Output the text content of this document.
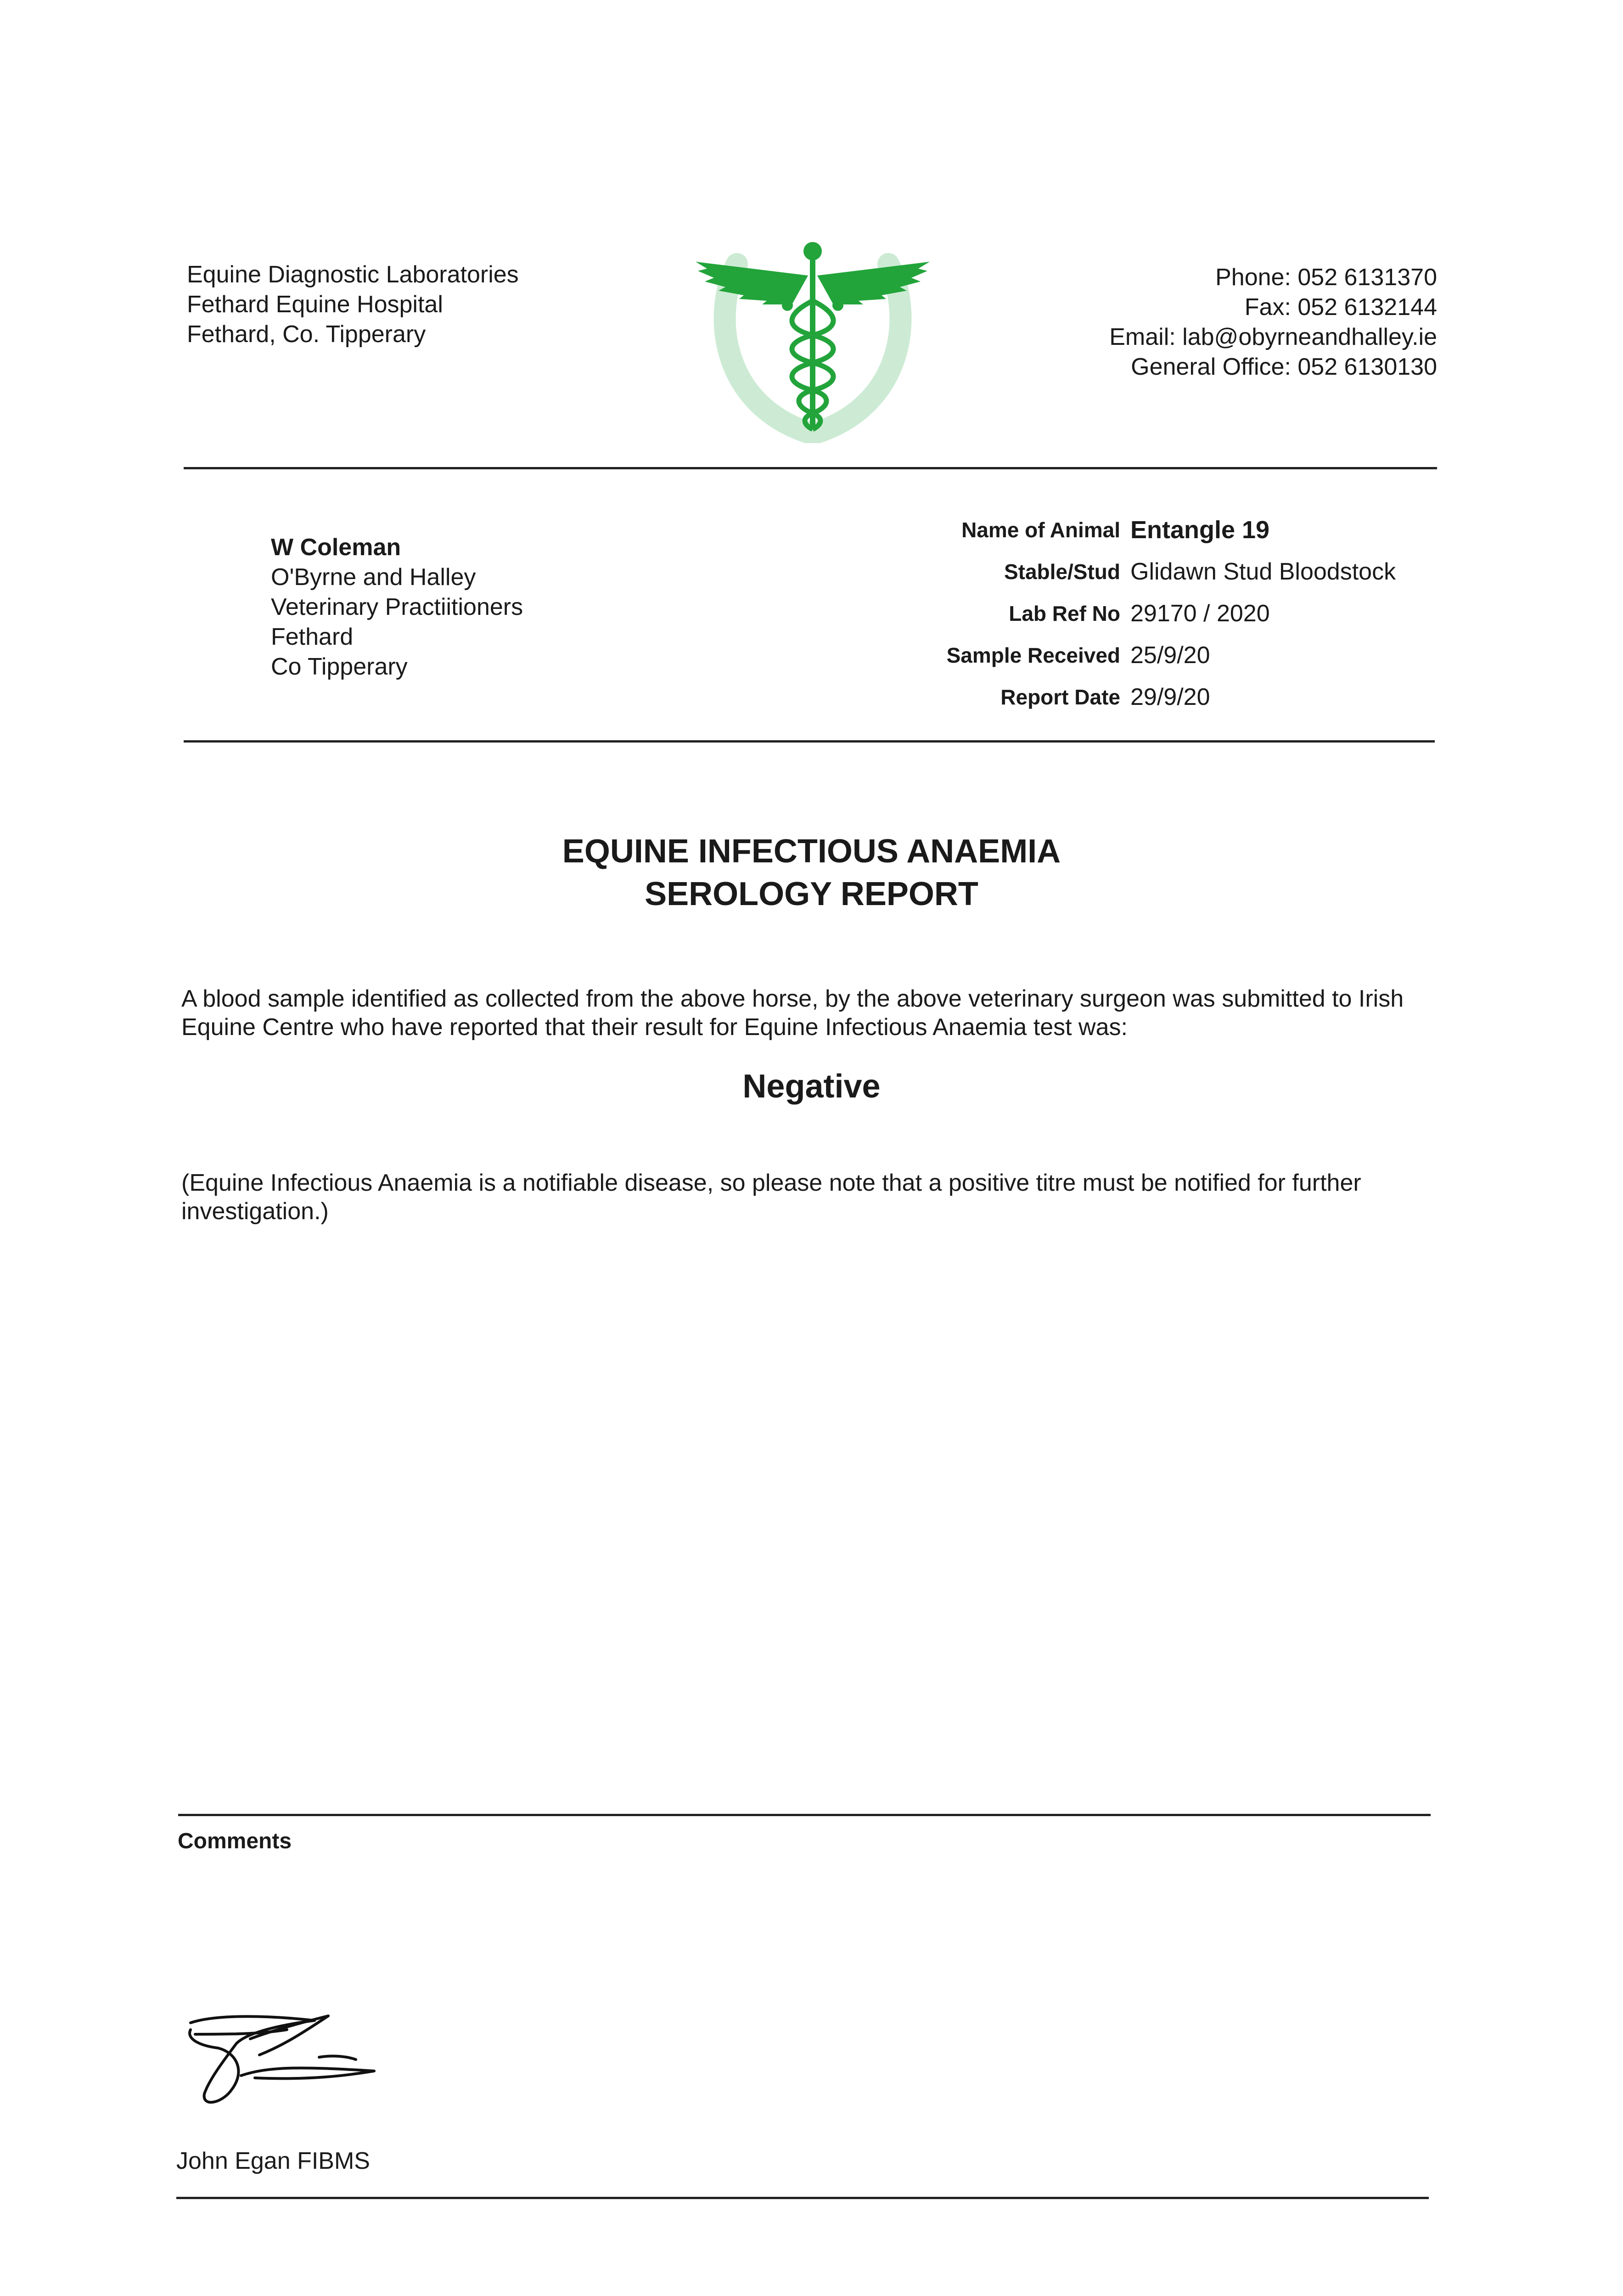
Equine Diagnostic Laboratories
Fethard Equine Hospital
Fethard, Co. Tipperary
Phone: 052 6131370
Fax: 052 6132144
Email: lab@obyrneandhalley.ie
General Office: 052 6130130
W Coleman
O'Byrne and Halley
Veterinary Practiitioners
Fethard
Co Tipperary
Name of Animal	Entangle 19
Stable/Stud	Glidawn Stud Bloodstock
Lab Ref No	29170 / 2020
Sample Received	25/9/20
Report Date	29/9/20
EQUINE INFECTIOUS ANAEMIA
SEROLOGY REPORT
A blood sample identified as collected from the above horse, by the above veterinary surgeon was submitted to Irish Equine Centre who have reported that their result for Equine Infectious Anaemia test was:
Negative
(Equine Infectious Anaemia is a notifiable disease, so please note that a positive titre must be notified for further investigation.)
Comments
John Egan FIBMS
